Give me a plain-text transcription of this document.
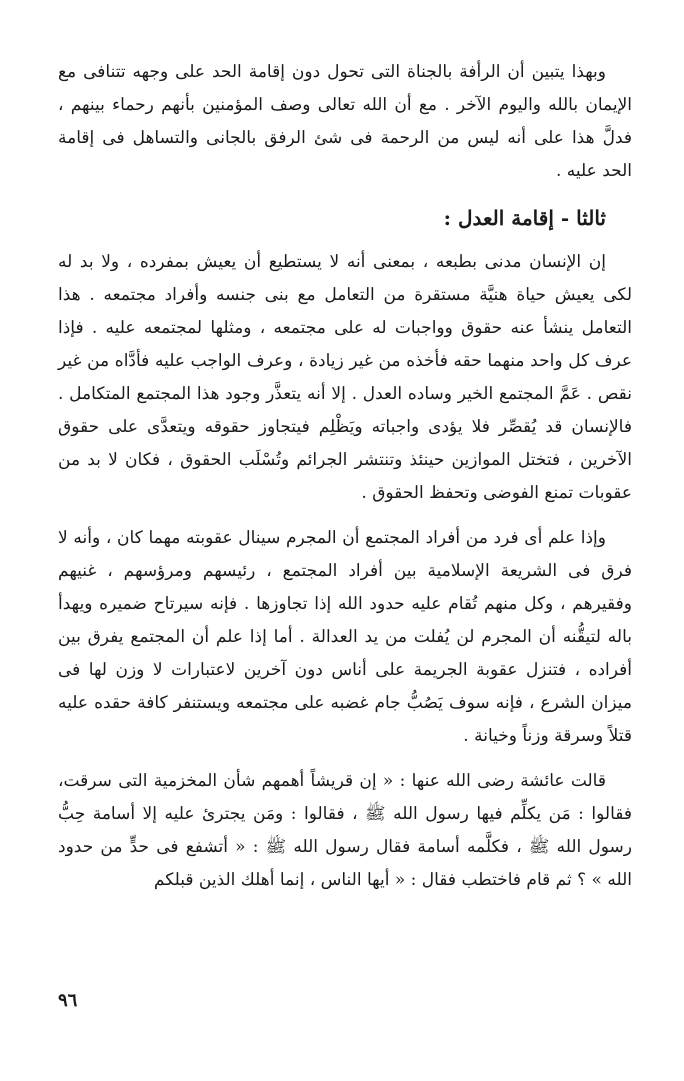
وبهذا يتبين أن الرأفة بالجناة التى تحول دون إقامة الحد على وجهه تتنافى مع الإيمان بالله واليوم الآخر . مع أن الله تعالى وصف المؤمنين بأنهم رحماء بينهم ، فدلَّ هذا على أنه ليس من الرحمة فى شئ الرفق بالجانى والتساهل فى إقامة الحد عليه .

ثالثا - إقامة العدل :

إن الإنسان مدنى بطبعه ، بمعنى أنه لا يستطيع أن يعيش بمفرده ، ولا بد له لكى يعيش حياة هنيَّة مستقرة من التعامل مع بنى جنسه وأفراد مجتمعه . هذا التعامل ينشأ عنه حقوق وواجبات له على مجتمعه ، ومثلها لمجتمعه عليه . فإذا عرف كل واحد منهما حقه فأخذه من غير زيادة ، وعرف الواجب عليه فأدَّاه من غير نقص . عَمَّ المجتمع الخير وساده العدل . إلا أنه يتعذَّر وجود هذا المجتمع المتكامل . فالإنسان قد يُقصِّر فلا يؤدى واجباته ويَظْلِم فيتجاوز حقوقه ويتعدَّى على حقوق الآخرين ، فتختل الموازين حينئذ وتنتشر الجرائم وتُسْلَب الحقوق ، فكان لا بد من عقوبات تمنع الفوضى وتحفظ الحقوق .

وإذا علم أى فرد من أفراد المجتمع أن المجرم سينال عقوبته مهما كان ، وأنه لا فرق فى الشريعة الإسلامية بين أفراد المجتمع ، رئيسهم ومرؤسهم ، غنيهم وفقيرهم ، وكل منهم تُقام عليه حدود الله إذا تجاوزها . فإنه سيرتاح ضميره ويهدأ باله لتيقُّنه أن المجرم لن يُفلت من يد العدالة . أما إذا علم أن المجتمع يفرق بين أفراده ، فتنزل عقوبة الجريمة على أناس دون آخرين لاعتبارات لا وزن لها فى ميزان الشرع ، فإنه سوف يَصُبُّ جام غضبه على مجتمعه ويستنفر كافة حقده عليه قتلاً وسرقة وزناً وخيانة .

قالت عائشة رضى الله عنها : « إن قريشاً أهمهم شأن المخزمية التى سرقت، فقالوا : مَن يكلِّم فيها رسول الله ﷺ ، فقالوا : ومَن يجترئ عليه إلا أسامة حِبُّ رسول الله ﷺ ، فكلَّمه أسامة فقال رسول الله ﷺ : « أتشفع فى حدٍّ من حدود الله » ؟ ثم قام فاختطب فقال : « أيها الناس ، إنما أهلك الذين قبلكم

٩٦
